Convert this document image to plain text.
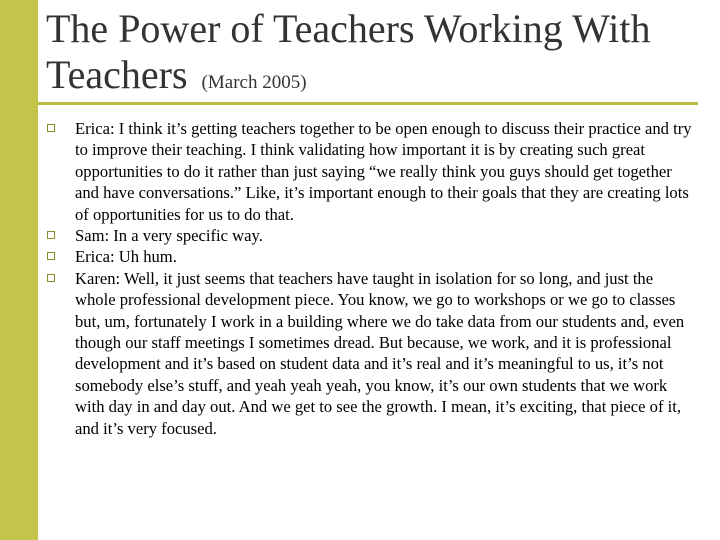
The Power of Teachers Working With Teachers (March 2005)
Erica: I think it’s getting teachers together to be open enough to discuss their practice and try to improve their teaching. I think validating how important it is by creating such great opportunities to do it rather than just saying “we really think you guys should get together and have conversations.” Like, it’s important enough to their goals that they are creating lots of opportunities for us to do that.
Sam: In a very specific way.
Erica: Uh hum.
Karen: Well, it just seems that teachers have taught in isolation for so long, and just the whole professional development piece. You know, we go to workshops or we go to classes but, um, fortunately I work in a building where we do take data from our students and, even though our staff meetings I sometimes dread. But because, we work, and it is professional development and it’s based on student data and it’s real and it’s meaningful to us, it’s not somebody else’s stuff, and yeah yeah yeah, you know, it’s our own students that we work with day in and day out. And we get to see the growth. I mean, it’s exciting, that piece of it, and it’s very focused.
